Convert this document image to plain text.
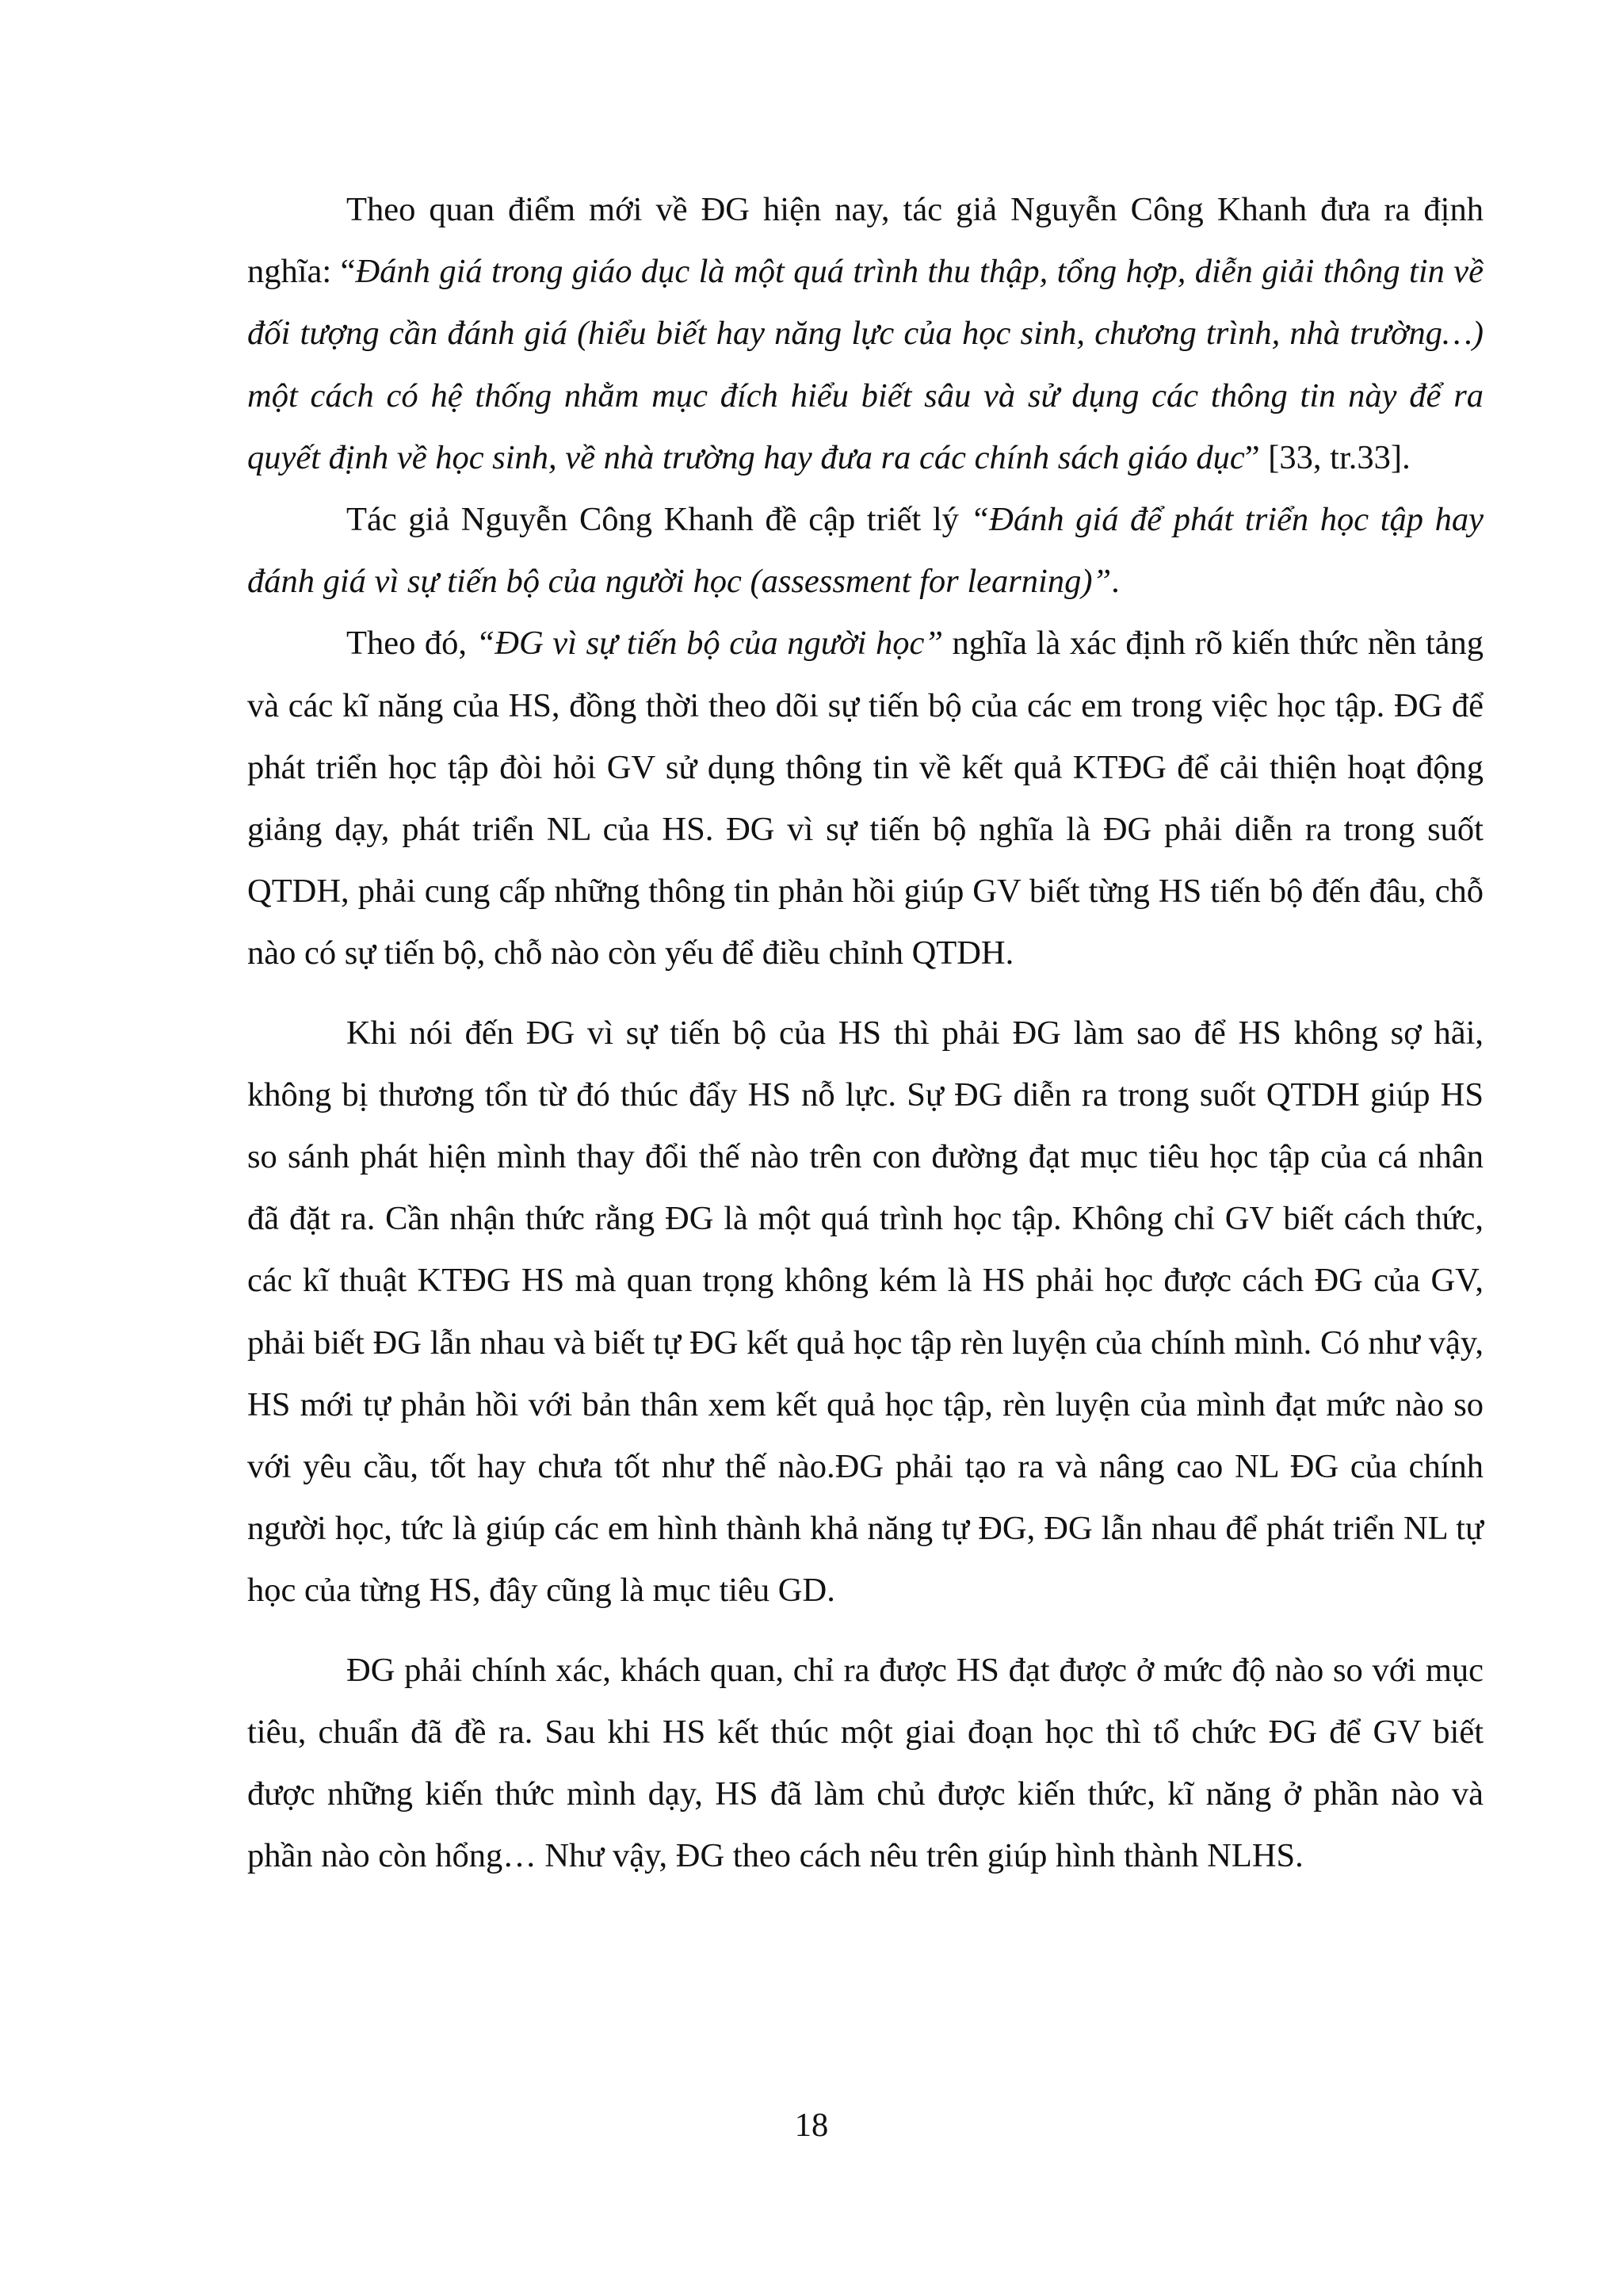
Theo quan điểm mới về ĐG hiện nay, tác giả Nguyễn Công Khanh đưa ra định nghĩa: “Đánh giá trong giáo dục là một quá trình thu thập, tổng hợp, diễn giải thông tin về đối tượng cần đánh giá (hiểu biết hay năng lực của học sinh, chương trình, nhà trường…) một cách có hệ thống nhằm mục đích hiểu biết sâu và sử dụng các thông tin này để ra quyết định về học sinh, về nhà trường hay đưa ra các chính sách giáo dục” [33, tr.33].

Tác giả Nguyễn Công Khanh đề cập triết lý “Đánh giá để phát triển học tập hay đánh giá vì sự tiến bộ của người học (assessment for learning)”.

Theo đó, “ĐG vì sự tiến bộ của người học” nghĩa là xác định rõ kiến thức nền tảng và các kĩ năng của HS, đồng thời theo dõi sự tiến bộ của các em trong việc học tập. ĐG để phát triển học tập đòi hỏi GV sử dụng thông tin về kết quả KTĐG để cải thiện hoạt động giảng dạy, phát triển NL của HS. ĐG vì sự tiến bộ nghĩa là ĐG phải diễn ra trong suốt QTDH, phải cung cấp những thông tin phản hồi giúp GV biết từng HS tiến bộ đến đâu, chỗ nào có sự tiến bộ, chỗ nào còn yếu để điều chỉnh QTDH.

Khi nói đến ĐG vì sự tiến bộ của HS thì phải ĐG làm sao để HS không sợ hãi, không bị thương tổn từ đó thúc đẩy HS nỗ lực. Sự ĐG diễn ra trong suốt QTDH giúp HS so sánh phát hiện mình thay đổi thế nào trên con đường đạt mục tiêu học tập của cá nhân đã đặt ra. Cần nhận thức rằng ĐG là một quá trình học tập. Không chỉ GV biết cách thức, các kĩ thuật KTĐG HS mà quan trọng không kém là HS phải học được cách ĐG của GV, phải biết ĐG lẫn nhau và biết tự ĐG kết quả học tập rèn luyện của chính mình. Có như vậy, HS mới tự phản hồi với bản thân xem kết quả học tập, rèn luyện của mình đạt mức nào so với yêu cầu, tốt hay chưa tốt như thế nào.ĐG phải tạo ra và nâng cao NL ĐG của chính người học, tức là giúp các em hình thành khả năng tự ĐG, ĐG lẫn nhau để phát triển NL tự học của từng HS, đây cũng là mục tiêu GD.

ĐG phải chính xác, khách quan, chỉ ra được HS đạt được ở mức độ nào so với mục tiêu, chuẩn đã đề ra. Sau khi HS kết thúc một giai đoạn học thì tổ chức ĐG để GV biết được những kiến thức mình dạy, HS đã làm chủ được kiến thức, kĩ năng ở phần nào và phần nào còn hổng… Như vậy, ĐG theo cách nêu trên giúp hình thành NLHS.

18
